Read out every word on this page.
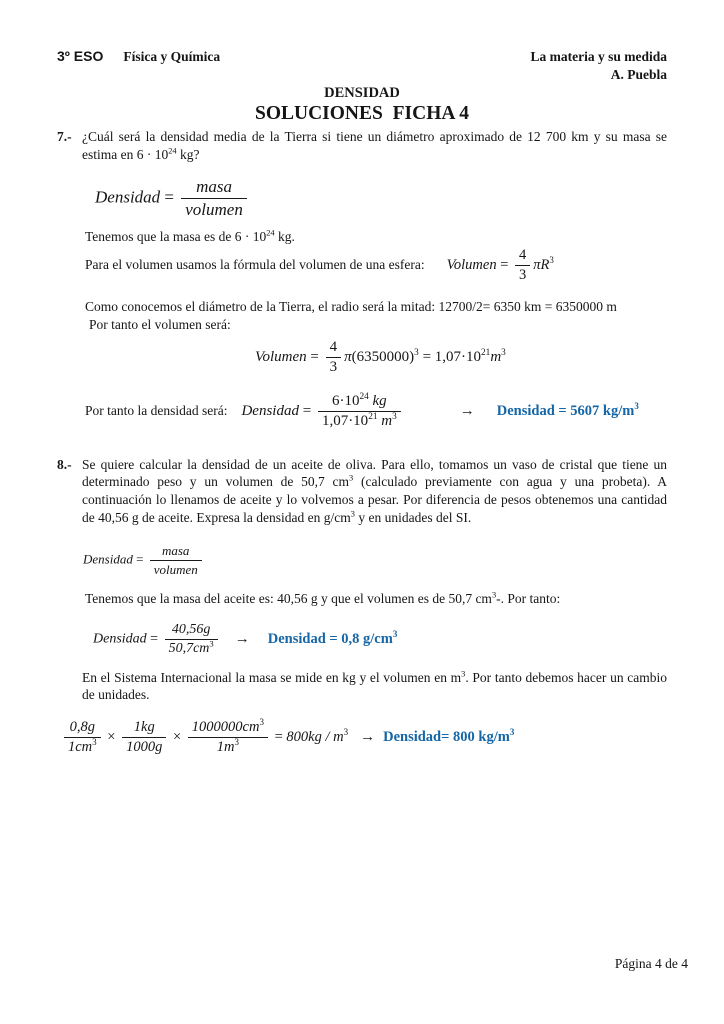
3º ESO Física y Química	La materia y su medida
A. Puebla
DENSIDAD
SOLUCIONES  FICHA 4
7.- ¿Cuál será la densidad media de la Tierra si tiene un diámetro aproximado de 12 700 km y su masa se estima en $6 \cdot 10^{24}$ kg?
Densidad = $\frac{\text{masa}}{\text{volumen}}$
Tenemos que la masa es de $6 \cdot 10^{24}$ kg.
Para el volumen usamos la fórmula del volumen de una esfera: Volumen = $\frac{4}{3} \pi R^3$
Como conocemos el diámetro de la Tierra, el radio será la mitad: 12700/2= 6350 km = 6350000 m
Por tanto el volumen será:
Volumen = $\frac{4}{3} \pi(6350000)^3 = 1,07\cdot 10^{21}m^3$
Por tanto la densidad será: Densidad = $\frac{6\cdot 10^{24} kg}{1,07\cdot 10^{21} m^3}$	→ Densidad = 5607 $kg/m^3$
8.- Se quiere calcular la densidad de un aceite de oliva. Para ello, tomamos un vaso de cristal que tiene un determinado peso y un volumen de 50,7 $cm^3$ (calculado previamente con agua y una probeta). A continuación lo llenamos de aceite y lo volvemos a pesar. Por diferencia de pesos obtenemos una cantidad de 40,56 g de aceite. Expresa la densidad en $g/cm^3$ y en unidades del SI.
Densidad = $\frac{\text{masa}}{\text{volumen}}$
Tenemos que la masa del aceite es: 40,56 g y que el volumen es de 50,7 $cm^3-$. Por tanto:
Densidad = $\frac{40,56g}{50,7cm^3}$ → Densidad = 0,8 $g/cm^3$
En el Sistema Internacional la masa se mide en kg y el volumen en $m^3$. Por tanto debemos hacer un cambio de unidades.
$\frac{0,8g}{1cm^3} \times \frac{1kg}{1000g} \times \frac{1000000cm^3}{1m^3} = 800kg / m^3$ → Densidad= 800 $kg/m^3$
Página 4 de 4
